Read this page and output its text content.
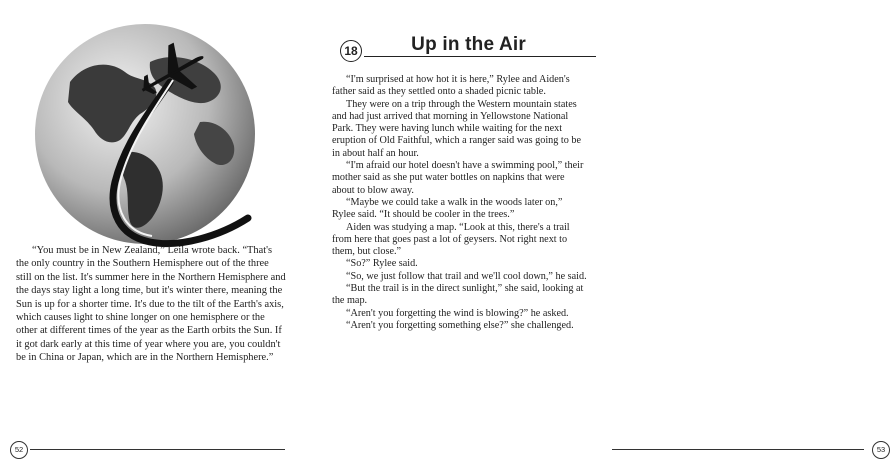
“You must be in New Zealand,” Leila wrote back. “That's the only country in the Southern Hemisphere out of the three still on the list. It's summer here in the Northern Hemisphere and the days stay light a long time, but it's winter there, meaning the Sun is up for a shorter time. It's due to the tilt of the Earth's axis, which causes light to shine longer on one hemisphere or the other at different times of the year as the Earth orbits the Sun. If it got dark early at this time of year where you are, you couldn't be in China or Japan, which are in the Northern Hemisphere.”

52
18	Up in the Air

“I'm surprised at how hot it is here,” Rylee and Aiden's father said as they settled onto a shaded picnic table.

They were on a trip through the Western mountain states and had just arrived that morning in Yellowstone National Park. They were having lunch while waiting for the next eruption of Old Faithful, which a ranger said was going to be in about half an hour.

“I'm afraid our hotel doesn't have a swimming pool,” their mother said as she put water bottles on napkins that were about to blow away.

“Maybe we could take a walk in the woods later on,” Rylee said. “It should be cooler in the trees.”

Aiden was studying a map. “Look at this, there's a trail from here that goes past a lot of geysers. Not right next to them, but close.”

“So?” Rylee said.

“So, we just follow that trail and we'll cool down,” he said.

“But the trail is in the direct sunlight,” she said, looking at the map.

“Aren't you forgetting the wind is blowing?” he asked.

“Aren't you forgetting something else?” she challenged.

53
